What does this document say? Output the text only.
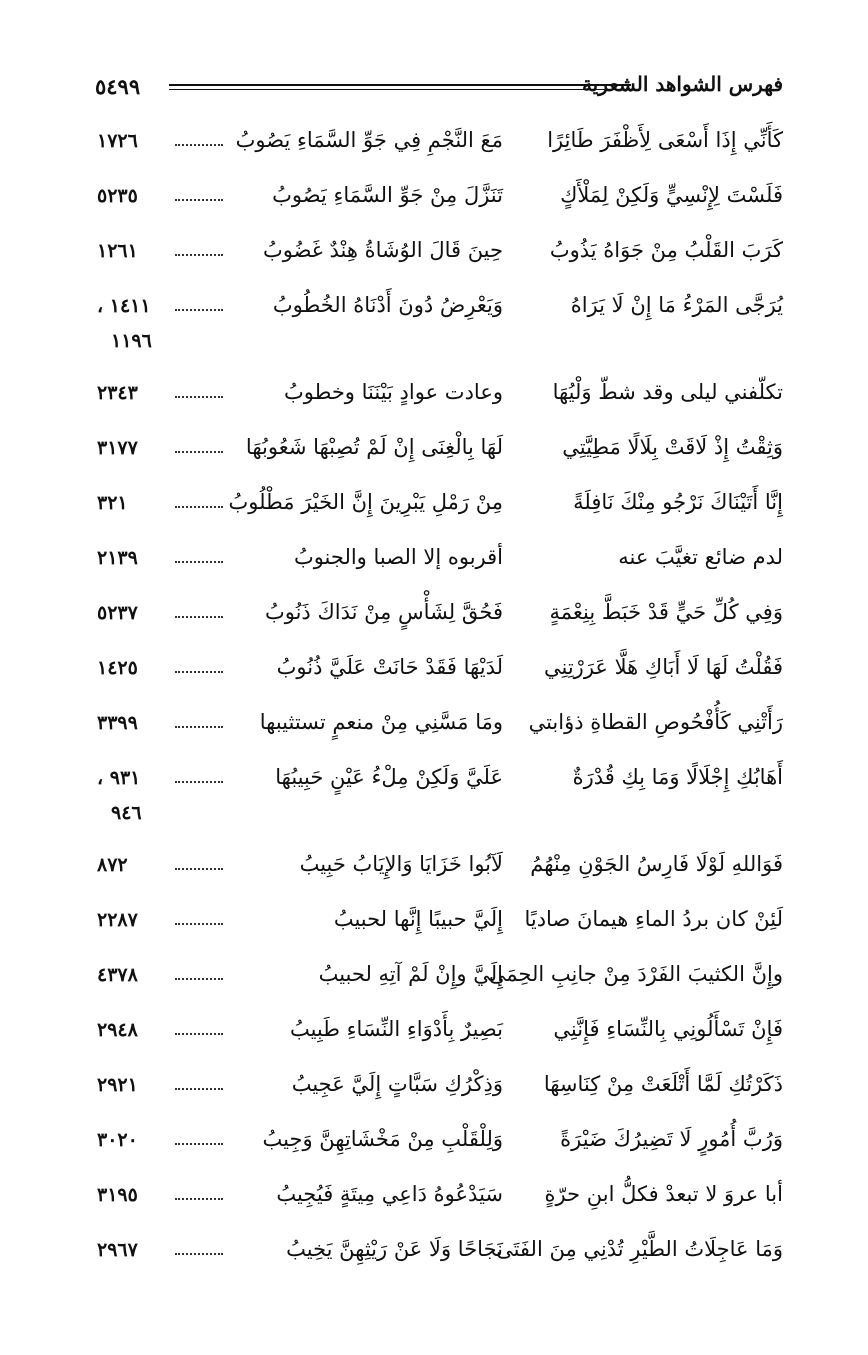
٥٤٩٩	فهرس الشواهد الشعرية
كَأَنِّي إِذَا أَسْعَى لِأَظْفَرَ طَائِرًا
مَعَ النَّجْمِ فِي جَوِّ السَّمَاءِ يَصُوبُ
١٧٢٦
فَلَسْتَ لِإِنْسِيٍّ وَلَكِنْ لِمَلْأَكٍ
تَنَزَّلَ مِنْ جَوِّ السَّمَاءِ يَصُوبُ
٥٢٣٥
كَرَبَ القَلْبُ مِنْ جَوَاهُ يَذُوبُ
حِينَ قَالَ الوُشَاةُ هِنْدٌ غَضُوبُ
١٢٦١
يُرَجَّى المَرْءُ مَا إِنْ لَا يَرَاهُ
وَيَعْرِضُ دُونَ أَدْنَاهُ الخُطُوبُ
١٤١١ ،
١١٩٦
تكلّفني ليلى وقد شطّ وَلْيُهَا
وعادت عوادٍ بَيْنَنَا وخطوبُ
٢٣٤٣
وَثِقْتُ إِذْ لَاقَتْ بِلَالًا مَطِيَّتِي
لَهَا بِالْغِنَى إِنْ لَمْ تُصِبْهَا شَعُوبُهَا
٣١٧٧
إِنَّا أَتَيْنَاكَ نَرْجُو مِنْكَ نَافِلَةً
مِنْ رَمْلِ يَبْرِينَ إِنَّ الخَيْرَ مَطْلُوبُ
٣٢١
لدم ضائع تغيَّبَ عنه
أقربوه إلا الصبا والجنوبُ
٢١٣٩
وَفِي كُلِّ حَيٍّ قَدْ خَبَطَّ بِنِعْمَةٍ
فَحُقَّ لِشَأْسٍ مِنْ نَدَاكَ ذَنُوبُ
٥٢٣٧
فَقُلْتُ لَهَا لَا أَبَاكِ هَلَّا عَرَرْتِنِي
لَدَيْهَا فَقَدْ حَانَتْ عَلَيَّ ذُنُوبُ
١٤٢٥
رَأَتْنِي كَأُفْحُوصِ القطاةِ ذؤابتي
ومَا مَسَّنِي مِنْ منعمٍ تستثيبها
٣٣٩٩
أَهَابُكِ إِجْلَالًا وَمَا بِكِ قُدْرَةٌ
عَلَيَّ وَلَكِنْ مِلْءُ عَيْنٍ حَبِيبُهَا
٩٣١ ،
٩٤٦
فَوَاللهِ لَوْلَا فَارِسُ الجَوْنِ مِنْهُمُ
لَآبُوا خَزَايَا وَالإِيَابُ حَبِيبُ
٨٧٢
لَئِنْ كان بردُ الماءِ هيمانَ صاديًا
إِلَيَّ حبيبًا إِنَّها لحبيبُ
٢٢٨٧
وإِنَّ الكثيبَ الفَرْدَ مِنْ جانِبِ الحِمَى
إِلَيَّ وإِنْ لَمْ آتِهِ لحبيبُ
٤٣٧٨
فَإِنْ تَسْأَلُونِي بِالنِّسَاءِ فَإِنَّنِي
بَصِيرٌ بِأَدْوَاءِ النِّسَاءِ طَبِيبُ
٢٩٤٨
ذَكَرْتُكِ لَمَّا أَتْلَعَتْ مِنْ كِنَاسِهَا
وَذِكْرُكِ سَبَّاتٍ إِلَيَّ عَجِيبُ
٢٩٢١
وَرُبَّ أُمُورٍ لَا تَضِيرُكَ ضَيْرَةً
وَلِلْقَلْبِ مِنْ مَخْشَاتِهِنَّ وَجِيبُ
٣٠٢٠
أبا عروَ لا تبعدْ فكلُّ ابنِ حرّةٍ
سَيَدْعُوهُ دَاعِي مِيتَةٍ فَيُجِيبُ
٣١٩٥
وَمَا عَاجِلَاتُ الطَّيْرِ تُدْنِي مِنَ الفَتَى
نَجَاحًا وَلَا عَنْ رَيْثِهِنَّ يَخِيبُ
٢٩٦٧
